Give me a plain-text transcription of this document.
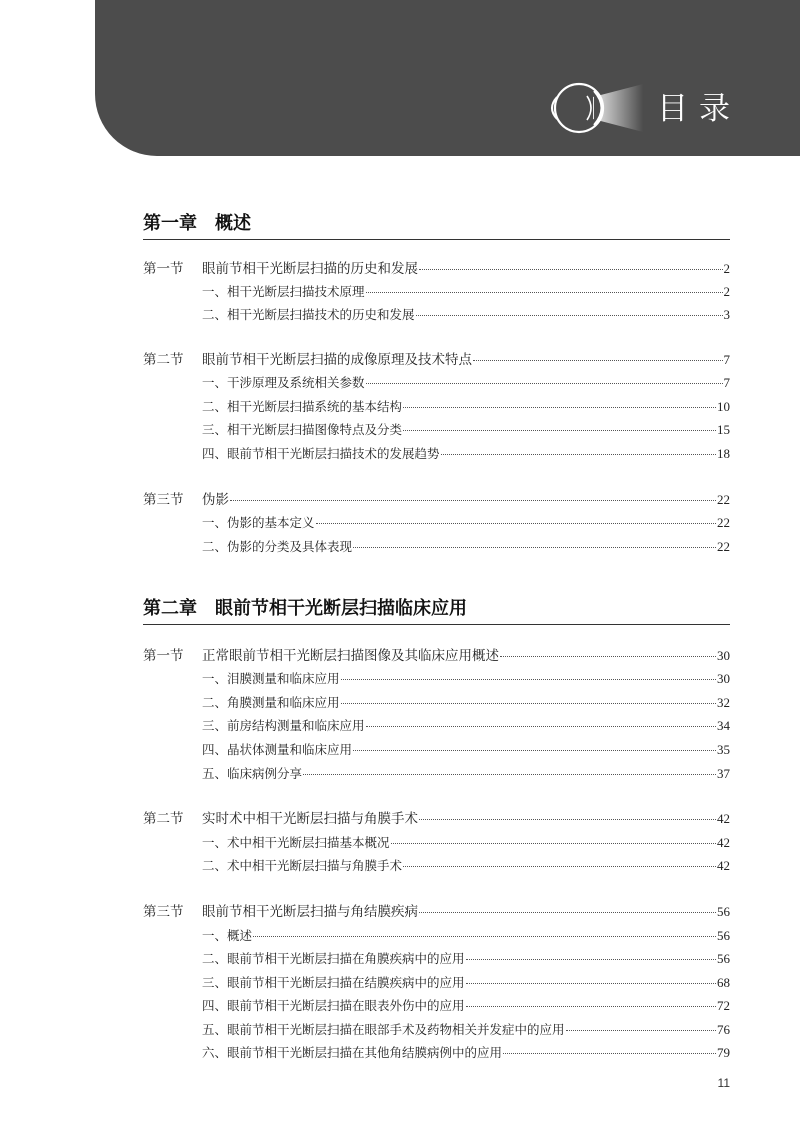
目录
第一章　概述
第一节	眼前节相干光断层扫描的历史和发展	2
一、相干光断层扫描技术原理	2
二、相干光断层扫描技术的历史和发展	3
第二节	眼前节相干光断层扫描的成像原理及技术特点	7
一、干涉原理及系统相关参数	7
二、相干光断层扫描系统的基本结构	10
三、相干光断层扫描图像特点及分类	15
四、眼前节相干光断层扫描技术的发展趋势	18
第三节	伪影	22
一、伪影的基本定义	22
二、伪影的分类及具体表现	22
第二章　眼前节相干光断层扫描临床应用
第一节	正常眼前节相干光断层扫描图像及其临床应用概述	30
一、泪膜测量和临床应用	30
二、角膜测量和临床应用	32
三、前房结构测量和临床应用	34
四、晶状体测量和临床应用	35
五、临床病例分享	37
第二节	实时术中相干光断层扫描与角膜手术	42
一、术中相干光断层扫描基本概况	42
二、术中相干光断层扫描与角膜手术	42
第三节	眼前节相干光断层扫描与角结膜疾病	56
一、概述	56
二、眼前节相干光断层扫描在角膜疾病中的应用	56
三、眼前节相干光断层扫描在结膜疾病中的应用	68
四、眼前节相干光断层扫描在眼表外伤中的应用	72
五、眼前节相干光断层扫描在眼部手术及药物相关并发症中的应用	76
六、眼前节相干光断层扫描在其他角结膜病例中的应用	79
11
